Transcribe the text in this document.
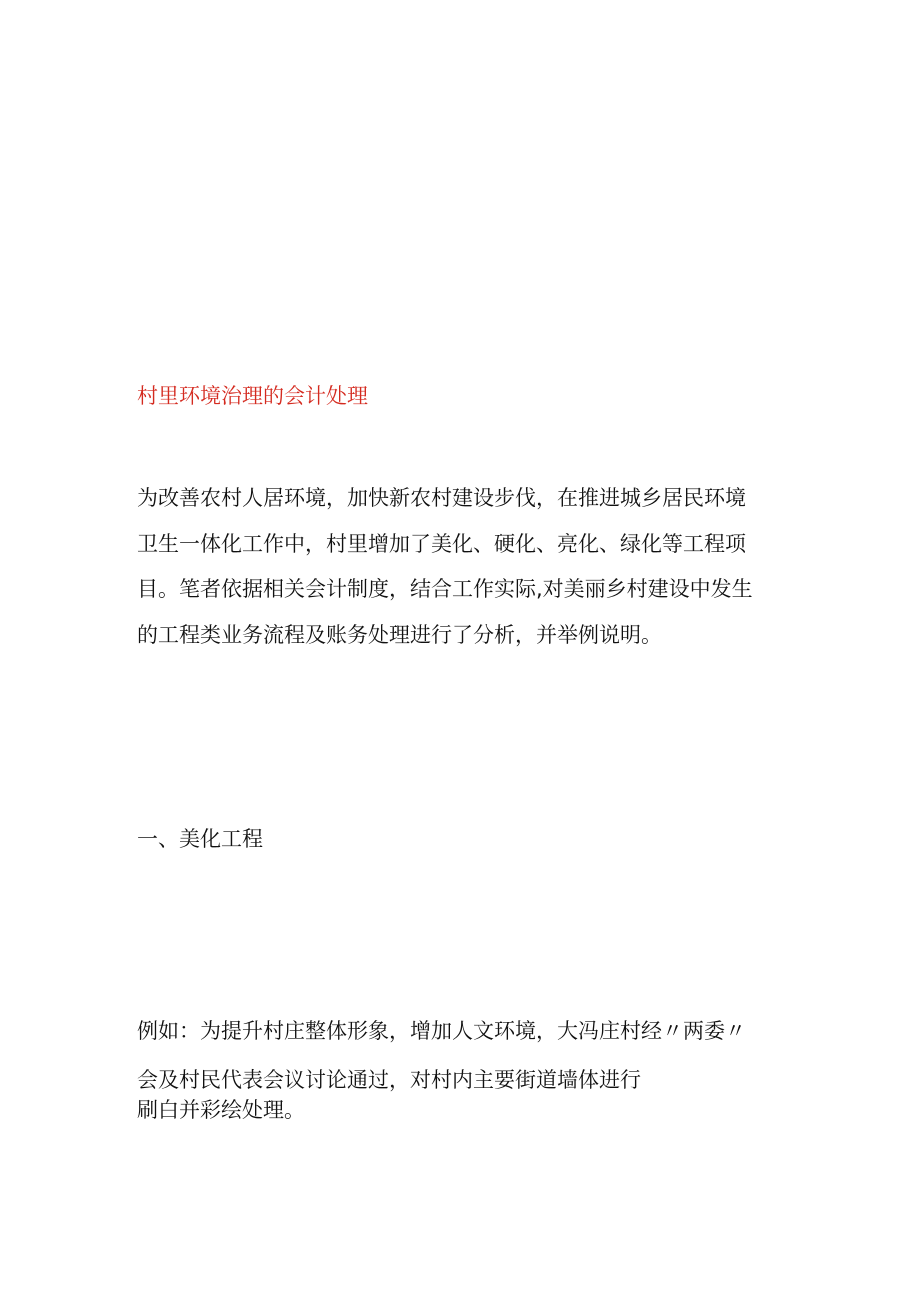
村里环境治理的会计处理
为改善农村人居环境，加快新农村建设步伐，在推进城乡居民环境
卫生一体化工作中，村里增加了美化、硬化、亮化、绿化等工程项
目。笔者依据相关会计制度，结合工作实际,对美丽乡村建设中发生
的工程类业务流程及账务处理进行了分析，并举例说明。
一、美化工程
例如：为提升村庄整体形象，增加人文环境，大冯庄村经〃两委〃
会及村民代表会议讨论通过，对村内主要街道墙体进行
刷白并彩绘处理。
